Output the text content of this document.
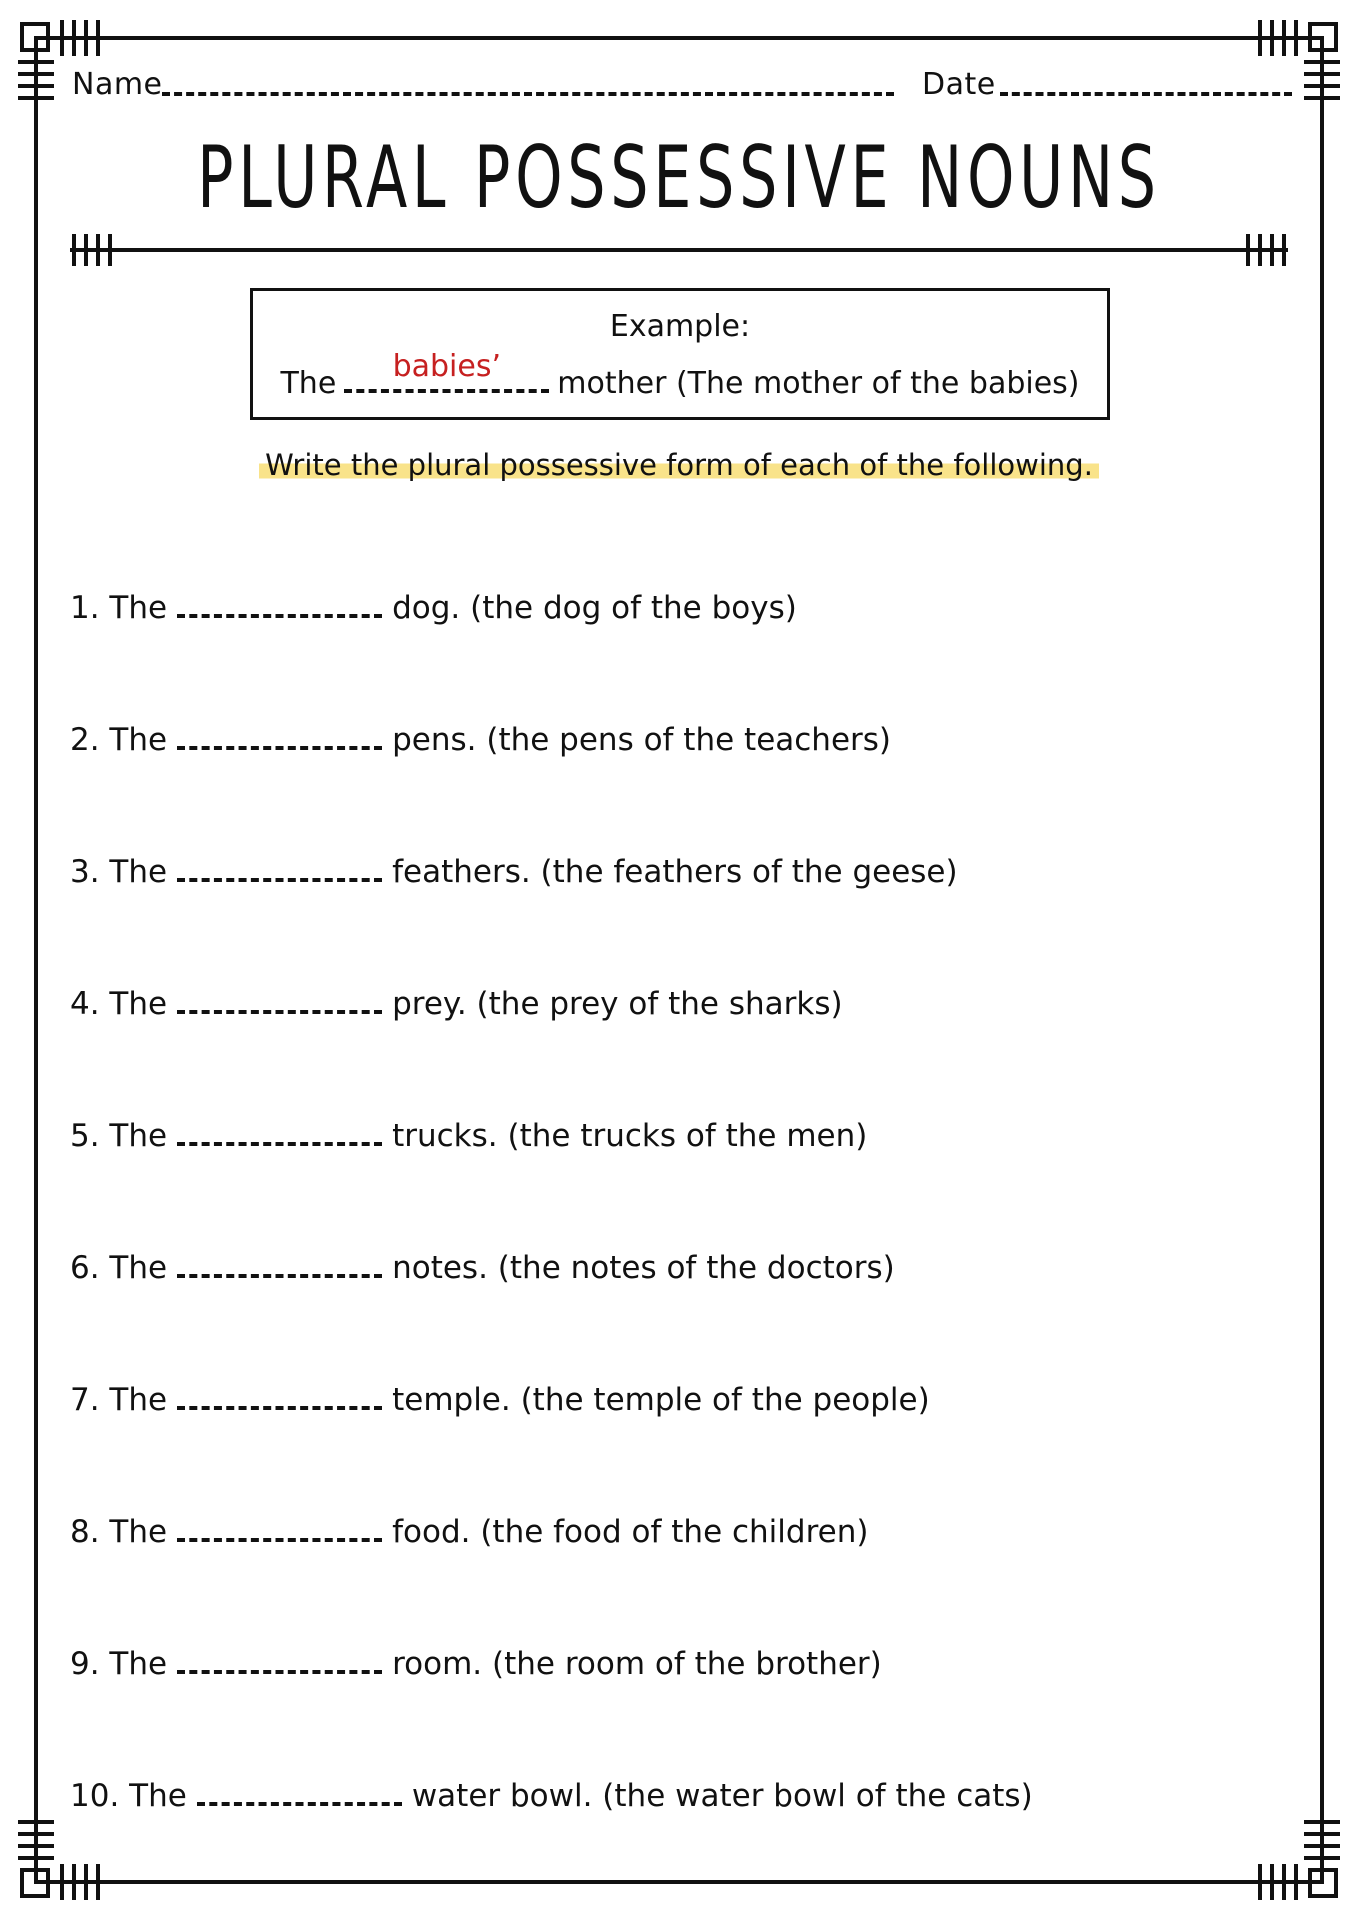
Name	Date
PLURAL POSSESSIVE NOUNS
Example:
The	babies’	mother (The mother of the babies)
Write the plural possessive form of each of the following.
1. The	dog. (the dog of the boys)
2. The	pens. (the pens of the teachers)
3. The	feathers. (the feathers of the geese)
4. The	prey. (the prey of the sharks)
5. The	trucks. (the trucks of the men)
6. The	notes. (the notes of the doctors)
7. The	temple. (the temple of the people)
8. The	food. (the food of the children)
9. The	room. (the room of the brother)
10. The	water bowl. (the water bowl of the cats)
